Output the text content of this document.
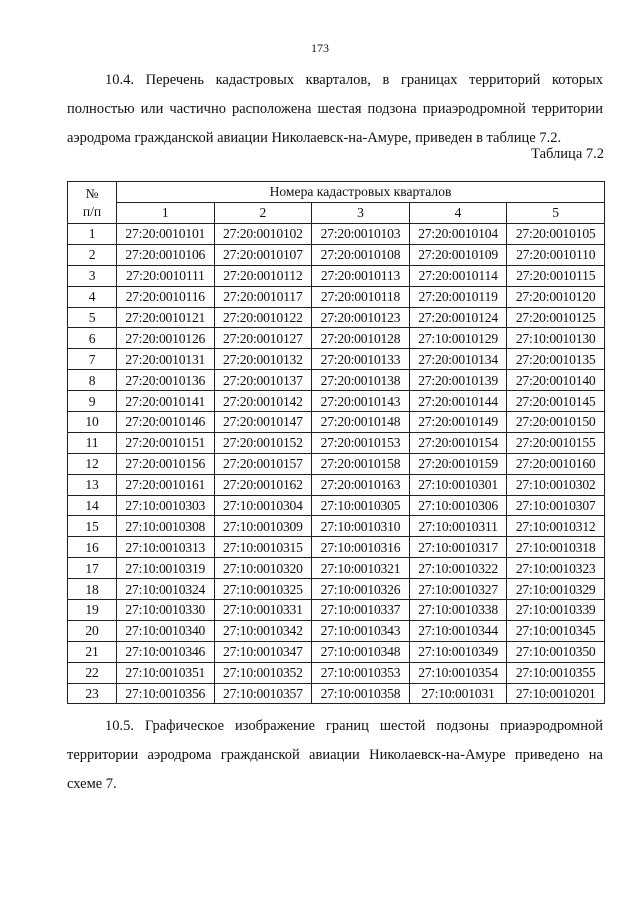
173
10.4. Перечень кадастровых кварталов, в границах территорий которых полностью или частично расположена шестая подзона приаэродромной территории аэродрома гражданской авиации Николаевск-на-Амуре, приведен в таблице 7.2.
Таблица 7.2
№
п/п	Номера кадастровых кварталов				
	1	2	3	4	5
1	27:20:0010101	27:20:0010102	27:20:0010103	27:20:0010104	27:20:0010105
2	27:20:0010106	27:20:0010107	27:20:0010108	27:20:0010109	27:20:0010110
3	27:20:0010111	27:20:0010112	27:20:0010113	27:20:0010114	27:20:0010115
4	27:20:0010116	27:20:0010117	27:20:0010118	27:20:0010119	27:20:0010120
5	27:20:0010121	27:20:0010122	27:20:0010123	27:20:0010124	27:20:0010125
6	27:20:0010126	27:20:0010127	27:20:0010128	27:10:0010129	27:10:0010130
7	27:20:0010131	27:20:0010132	27:20:0010133	27:20:0010134	27:20:0010135
8	27:20:0010136	27:20:0010137	27:20:0010138	27:20:0010139	27:20:0010140
9	27:20:0010141	27:20:0010142	27:20:0010143	27:20:0010144	27:20:0010145
10	27:20:0010146	27:20:0010147	27:20:0010148	27:20:0010149	27:20:0010150
11	27:20:0010151	27:20:0010152	27:20:0010153	27:20:0010154	27:20:0010155
12	27:20:0010156	27:20:0010157	27:20:0010158	27:20:0010159	27:20:0010160
13	27:20:0010161	27:20:0010162	27:20:0010163	27:10:0010301	27:10:0010302
14	27:10:0010303	27:10:0010304	27:10:0010305	27:10:0010306	27:10:0010307
15	27:10:0010308	27:10:0010309	27:10:0010310	27:10:0010311	27:10:0010312
16	27:10:0010313	27:10:0010315	27:10:0010316	27:10:0010317	27:10:0010318
17	27:10:0010319	27:10:0010320	27:10:0010321	27:10:0010322	27:10:0010323
18	27:10:0010324	27:10:0010325	27:10:0010326	27:10:0010327	27:10:0010329
19	27:10:0010330	27:10:0010331	27:10:0010337	27:10:0010338	27:10:0010339
20	27:10:0010340	27:10:0010342	27:10:0010343	27:10:0010344	27:10:0010345
21	27:10:0010346	27:10:0010347	27:10:0010348	27:10:0010349	27:10:0010350
22	27:10:0010351	27:10:0010352	27:10:0010353	27:10:0010354	27:10:0010355
23	27:10:0010356	27:10:0010357	27:10:0010358	27:10:001031	27:10:0010201
10.5. Графическое изображение границ шестой подзоны приаэродромной территории аэродрома гражданской авиации Николаевск-на-Амуре приведено на схеме 7.
